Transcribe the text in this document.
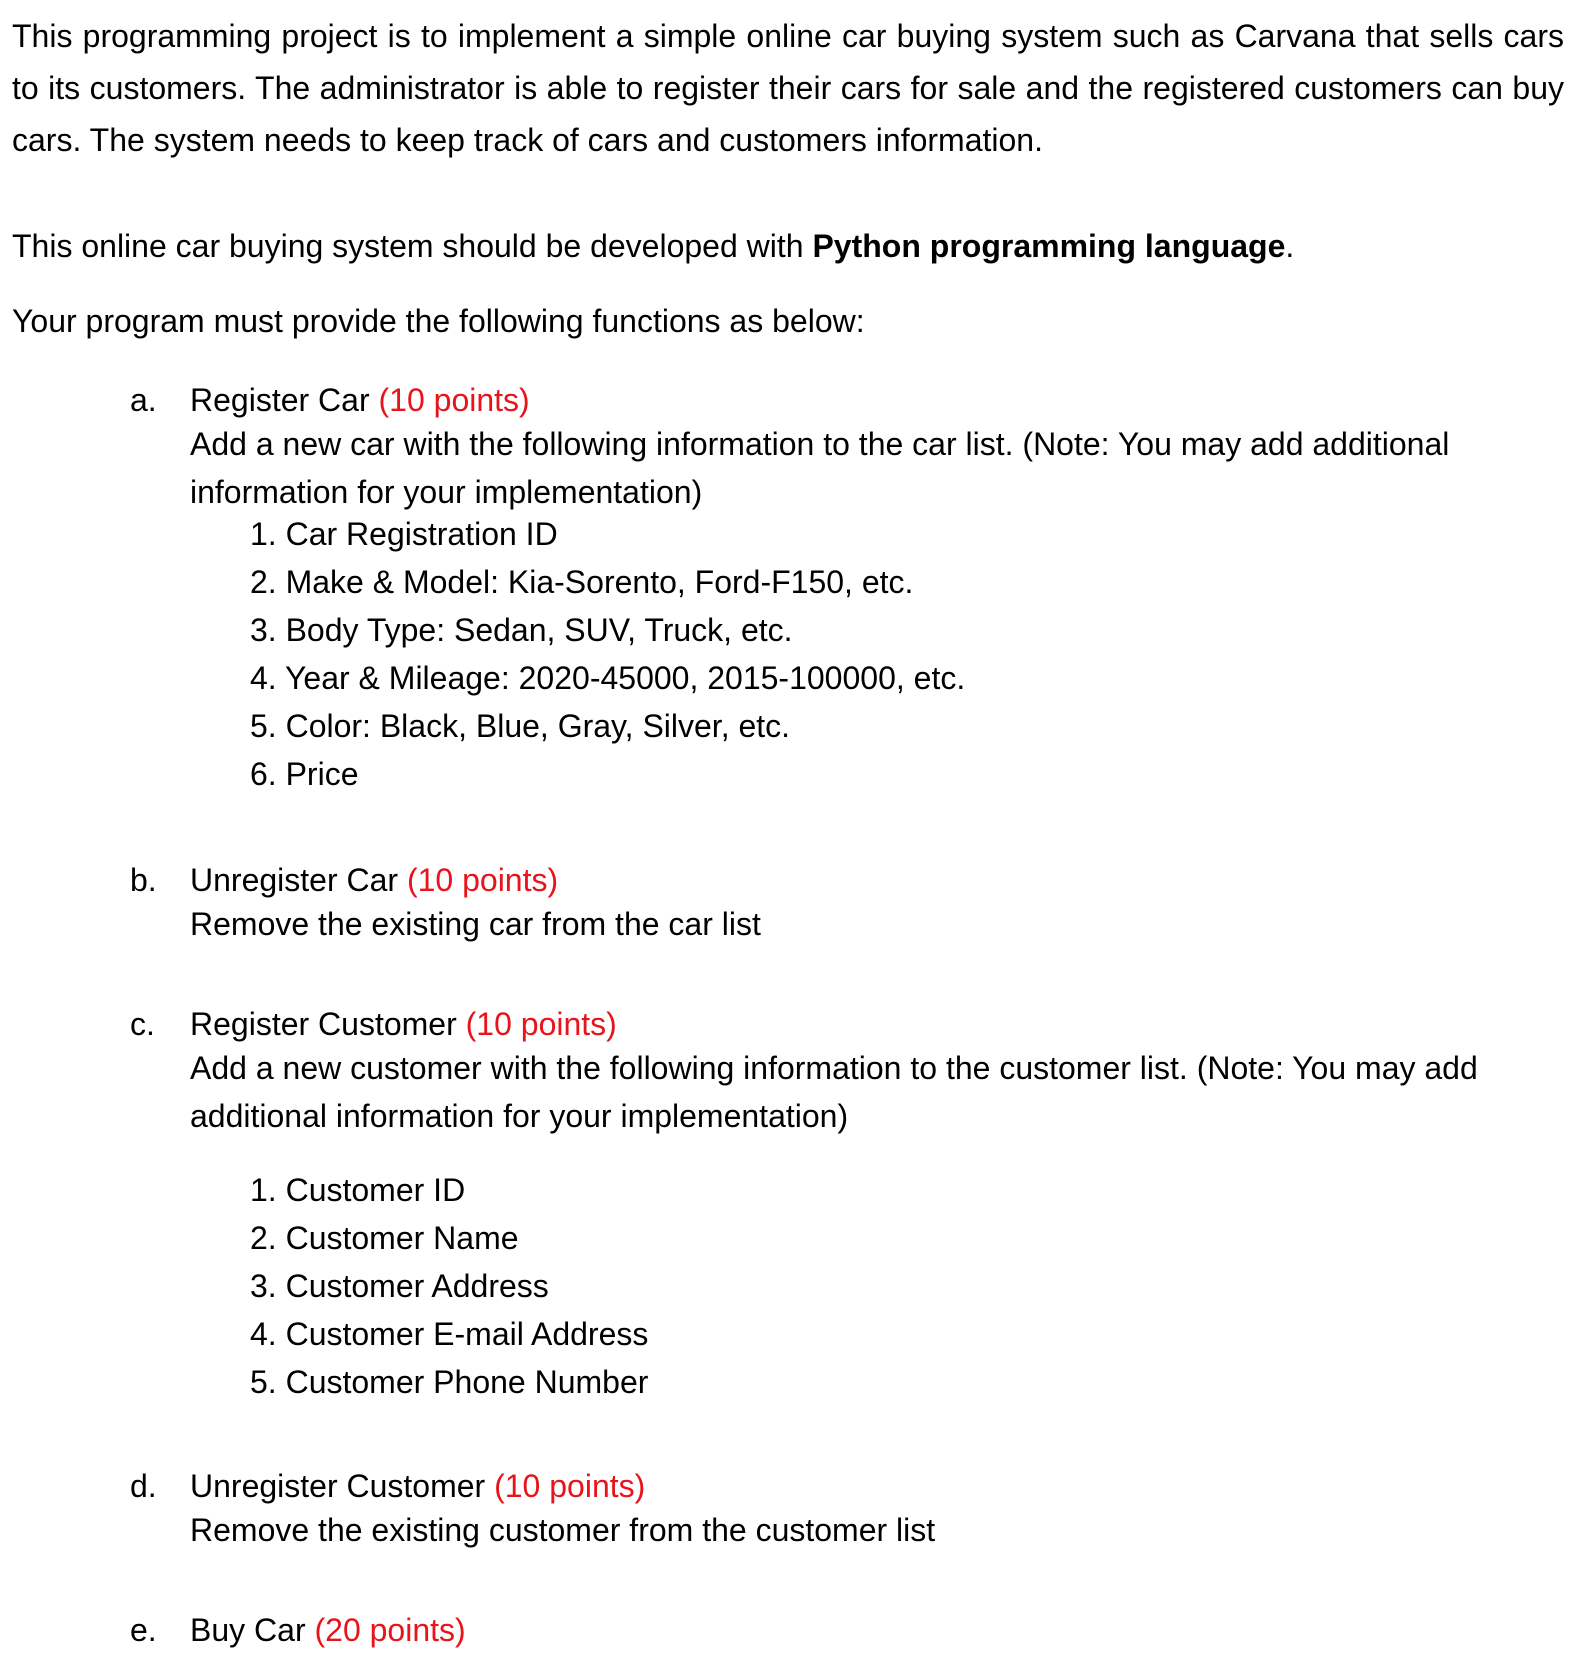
This programming project is to implement a simple online car buying system such as Carvana that sells cars to its customers. The administrator is able to register their cars for sale and the registered customers can buy cars. The system needs to keep track of cars and customers information.

This online car buying system should be developed with Python programming language.

Your program must provide the following functions as below:

a. Register Car (10 points)

Add a new car with the following information to the car list. (Note: You may add additional information for your implementation)

1. Car Registration ID
2. Make & Model: Kia-Sorento, Ford-F150, etc.
3. Body Type: Sedan, SUV, Truck, etc.
4. Year & Mileage: 2020-45000, 2015-100000, etc.
5. Color: Black, Blue, Gray, Silver, etc.
6. Price
b. Unregister Car (10 points)

Remove the existing car from the car list

c. Register Customer (10 points)

Add a new customer with the following information to the customer list. (Note: You may add additional information for your implementation)

1. Customer ID
2. Customer Name
3. Customer Address
4. Customer E-mail Address
5. Customer Phone Number
d. Unregister Customer (10 points)

Remove the existing customer from the customer list

e. Buy Car (20 points)
